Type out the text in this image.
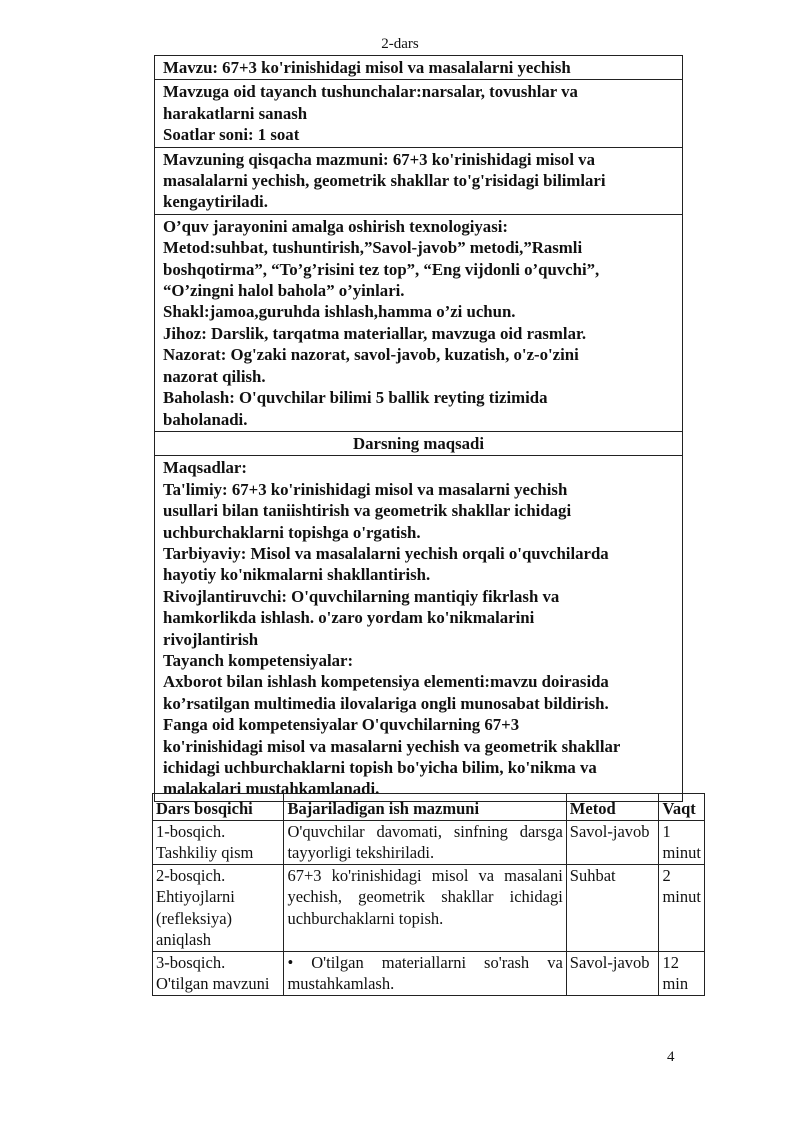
2-dars
Mavzu: 67+3 ko'rinishidagi misol va masalalarni yechish
Mavzuga oid tayanch tushunchalar:narsalar, tovushlar va
harakatlarni sanash
Soatlar soni: 1 soat
Mavzuning qisqacha mazmuni: 67+3 ko'rinishidagi misol va
masalalarni yechish, geometrik shakllar to'g'risidagi bilimlari
kengaytiriladi.
O’quv jarayonini amalga oshirish texnologiyasi:
Metod:suhbat, tushuntirish,”Savol-javob” metodi,”Rasmli
boshqotirma”, “To’g’risini tez top”, “Eng vijdonli o’quvchi”,
“O’zingni halol bahola” o’yinlari.
Shakl:jamoa,guruhda ishlash,hamma o’zi uchun.
Jihoz: Darslik, tarqatma materiallar, mavzuga oid rasmlar.
Nazorat: Og'zaki nazorat, savol-javob, kuzatish, o'z-o'zini
nazorat qilish.
Baholash: O'quvchilar bilimi 5 ballik reyting tizimida
baholanadi.
Darsning maqsadi
Maqsadlar:
Ta'limiy: 67+3 ko'rinishidagi misol va masalarni yechish
usullari bilan taniishtirish va geometrik shakllar ichidagi
uchburchaklarni topishga o'rgatish.
Tarbiyaviy: Misol va masalalarni yechish orqali o'quvchilarda
hayotiy ko'nikmalarni shakllantirish.
Rivojlantiruvchi: O'quvchilarning mantiqiy fikrlash va
hamkorlikda ishlash. o'zaro yordam ko'nikmalarini
rivojlantirish
Tayanch kompetensiyalar:
Axborot bilan ishlash kompetensiya elementi:mavzu doirasida
ko’rsatilgan multimedia ilovalariga ongli munosabat bildirish.
Fanga oid kompetensiyalar O'quvchilarning 67+3
ko'rinishidagi misol va masalarni yechish va geometrik shakllar
ichidagi uchburchaklarni topish bo'yicha bilim, ko'nikma va
malakalari mustahkamlanadi.
Dars bosqichi	Bajariladigan ish mazmuni	Metod	Vaqt
1-bosqich. Tashkiliy qism	O'quvchilar davomati, sinfning darsga tayyorligi tekshiriladi.	Savol-javob	1 minut
2-bosqich. Ehtiyojlarni (refleksiya) aniqlash	67+3 ko'rinishidagi misol va masalani yechish, geometrik shakllar ichidagi uchburchaklarni topish.	Suhbat	2 minut
3-bosqich. O'tilgan mavzuni	• O'tilgan materiallarni so'rash va mustahkamlash.	Savol-javob	12 min
4
